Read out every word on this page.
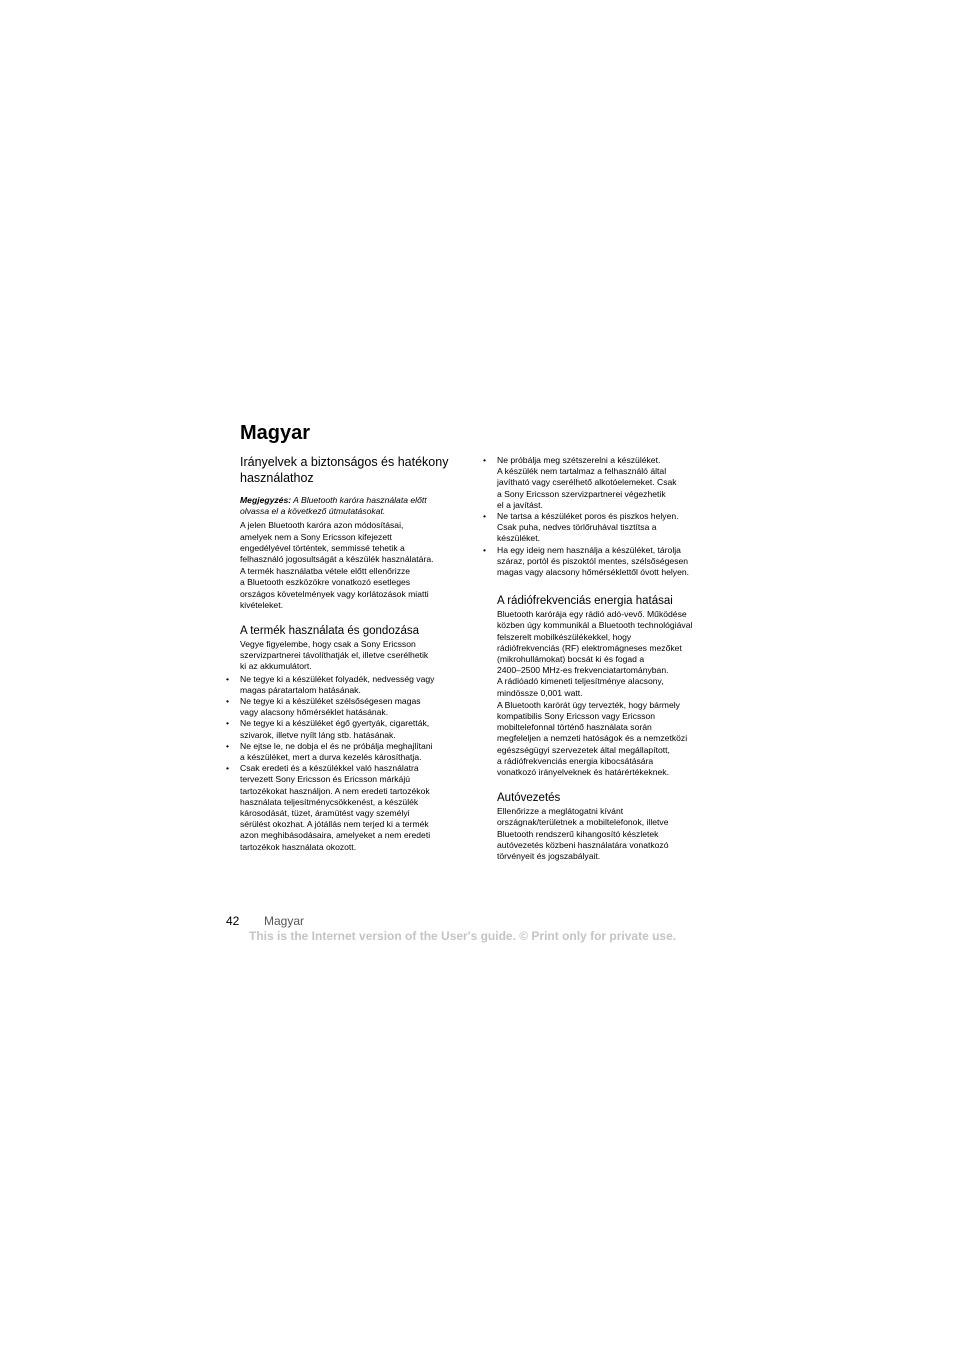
Magyar
Irányelvek a biztonságos és hatékony
használathoz
Megjegyzés: A Bluetooth karóra használata előtt
olvassa el a következő útmutatásokat.
A jelen Bluetooth karóra azon módosításai,
amelyek nem a Sony Ericsson kifejezett
engedélyével történtek, semmissé tehetik a
felhasználó jogosultságát a készülék használatára.
A termék használatba vétele előtt ellenőrizze
a Bluetooth eszközökre vonatkozó esetleges
országos követelmények vagy korlátozások miatti
kivételeket.
A termék használata és gondozása
Vegye figyelembe, hogy csak a Sony Ericsson
szervizpartnerei távolíthatják el, illetve cserélhetik
ki az akkumulátort.
• Ne tegye ki a készüléket folyadék, nedvesség vagy
magas páratartalom hatásának.
• Ne tegye ki a készüléket szélsőségesen magas
vagy alacsony hőmérséklet hatásának.
• Ne tegye ki a készüléket égő gyertyák, cigaretták,
szivarok, illetve nyílt láng stb. hatásának.
• Ne ejtse le, ne dobja el és ne próbálja meghajlítani
a készüléket, mert a durva kezelés károsíthatja.
• Csak eredeti és a készülékkel való használatra
tervezett Sony Ericsson és Ericsson márkájú
tartozékokat használjon. A nem eredeti tartozékok
használata teljesítménycsökkenést, a készülék
károsodását, tüzet, áramütést vagy személyi
sérülést okozhat. A jótállás nem terjed ki a termék
azon meghibásodásaira, amelyeket a nem eredeti
tartozékok használata okozott.
• Ne próbálja meg szétszerelni a készüléket.
A készülék nem tartalmaz a felhasználó által
javítható vagy cserélhető alkotóelemeket. Csak
a Sony Ericsson szervizpartnerei végezhetik
el a javítást.
• Ne tartsa a készüléket poros és piszkos helyen.
Csak puha, nedves törlőruhával tisztítsa a
készüléket.
• Ha egy ideig nem használja a készüléket, tárolja
száraz, portól és piszoktól mentes, szélsőségesen
magas vagy alacsony hőmérséklettől óvott helyen.
A rádiófrekvenciás energia hatásai
Bluetooth karórája egy rádió adó-vevő. Működése
közben úgy kommunikál a Bluetooth technológiával
felszerelt mobilkészülékekkel, hogy
rádiófrekvenciás (RF) elektromágneses mezőket
(mikrohullámokat) bocsát ki és fogad a
2400–2500 MHz-es frekvenciatartományban.
A rádióadó kimeneti teljesítménye alacsony,
mindössze 0,001 watt.
A Bluetooth karórát úgy tervezték, hogy bármely
kompatibilis Sony Ericsson vagy Ericsson
mobiltelefonnal történő használata során
megfeleljen a nemzeti hatóságok és a nemzetközi
egészségügyi szervezetek által megállapított,
a rádiófrekvenciás energia kibocsátására
vonatkozó irányelveknek és határértékeknek.
Autóvezetés
Ellenőrizze a meglátogatni kívánt
országnak/területnek a mobiltelefonok, illetve
Bluetooth rendszerű kihangosító készletek
autóvezetés közbeni használatára vonatkozó
törvényeit és jogszabályait.
42 Magyar
This is the Internet version of the User's guide. © Print only for private use.
